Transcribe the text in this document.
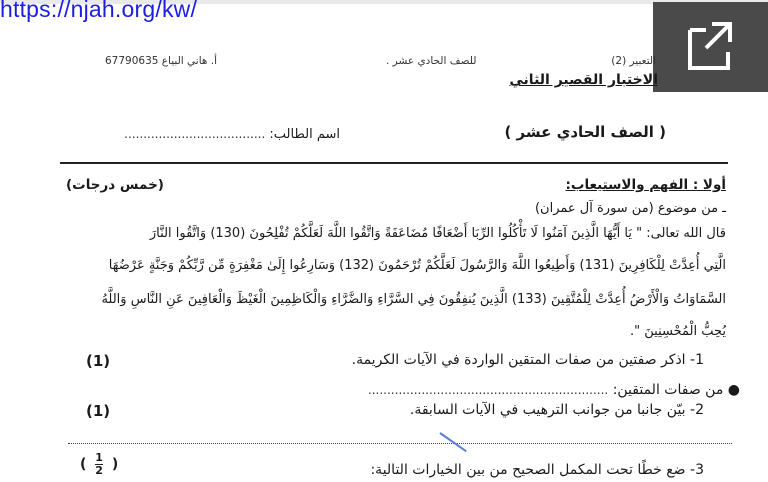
https://njah.org/kw/
أ. هاني البياع 67790635	للصف الحادي عشر .	التعبير (2)
الاختبار القصير الثاني
( الصف الحادي عشر )
اسم الطالب: .....................................
أولا : الفهم والاستيعاب:
(خمس درجات)
ـ من موضوع (من سورة آل عمران)
قال الله تعالى: " يَا أَيُّهَا الَّذِينَ آمَنُوا لَا تَأْكُلُوا الرِّبَا أَضْعَافًا مُضَاعَفَةً وَاتَّقُوا اللَّهَ لَعَلَّكُمْ تُفْلِحُونَ (130) وَاتَّقُوا النَّارَ
الَّتِي أُعِدَّتْ لِلْكَافِرِينَ (131) وَأَطِيعُوا اللَّهَ وَالرَّسُولَ لَعَلَّكُمْ تُرْحَمُونَ (132) وَسَارِعُوا إِلَىٰ مَغْفِرَةٍ مِّن رَّبِّكُمْ وَجَنَّةٍ عَرْضُهَا
السَّمَاوَاتُ وَالْأَرْضُ أُعِدَّتْ لِلْمُتَّقِينَ (133) الَّذِينَ يُنفِقُونَ فِي السَّرَّاءِ وَالضَّرَّاءِ وَالْكَاظِمِينَ الْغَيْظَ وَالْعَافِينَ عَنِ النَّاسِ وَاللَّهُ
يُحِبُّ الْمُحْسِنِينَ ".
1- اذكر صفتين من صفات المتقين الواردة في الآيات الكريمة.
(1)
● من صفات المتقين: ...............................................................
2- بيّن جانبا من جوانب الترهيب في الآيات السابقة.
(1)
3- ضع خطًا تحت المكمل الصحيح من بين الخيارات التالية:
( $\frac{1}{2}$ )
